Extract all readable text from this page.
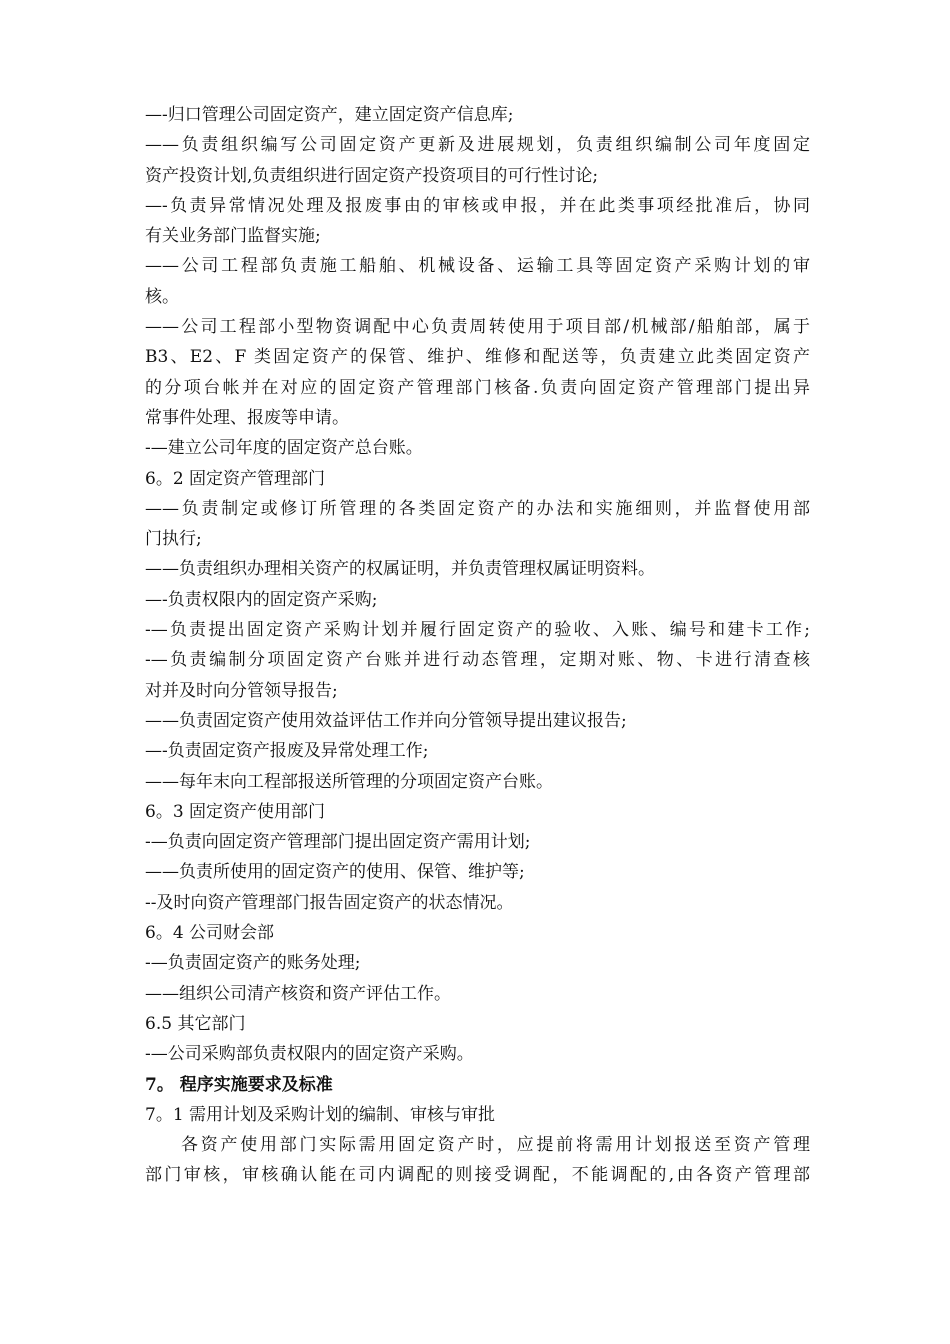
—-归口管理公司固定资产，建立固定资产信息库;

——负责组织编写公司固定资产更新及进展规划，负责组织编制公司年度固定

资产投资计划,负责组织进行固定资产投资项目的可行性讨论;

—-负责异常情况处理及报废事由的审核或申报，并在此类事项经批准后，协同

有关业务部门监督实施;

——公司工程部负责施工船舶、机械设备、运输工具等固定资产采购计划的审

核。

——公司工程部小型物资调配中心负责周转使用于项目部/机械部/船舶部，属于

B3、E2、F 类固定资产的保管、维护、维修和配送等，负责建立此类固定资产

的分项台帐并在对应的固定资产管理部门核备.负责向固定资产管理部门提出异

常事件处理、报废等申请。

-—建立公司年度的固定资产总台账。

6。2 固定资产管理部门

——负责制定或修订所管理的各类固定资产的办法和实施细则，并监督使用部

门执行;

——负责组织办理相关资产的权属证明，并负责管理权属证明资料。

—-负责权限内的固定资产采购;

-—负责提出固定资产采购计划并履行固定资产的验收、入账、编号和建卡工作;

-—负责编制分项固定资产台账并进行动态管理，定期对账、物、卡进行清查核

对并及时向分管领导报告;

——负责固定资产使用效益评估工作并向分管领导提出建议报告;

—-负责固定资产报废及异常处理工作;

——每年末向工程部报送所管理的分项固定资产台账。

6。3 固定资产使用部门

-—负责向固定资产管理部门提出固定资产需用计划;

——负责所使用的固定资产的使用、保管、维护等;

--及时向资产管理部门报告固定资产的状态情况。

6。4 公司财会部

-—负责固定资产的账务处理;

——组织公司清产核资和资产评估工作。

6.5 其它部门

-—公司采购部负责权限内的固定资产采购。

7。 程序实施要求及标准

7。1 需用计划及采购计划的编制、审核与审批

各资产使用部门实际需用固定资产时，应提前将需用计划报送至资产管理

部门审核，审核确认能在司内调配的则接受调配，不能调配的,由各资产管理部
